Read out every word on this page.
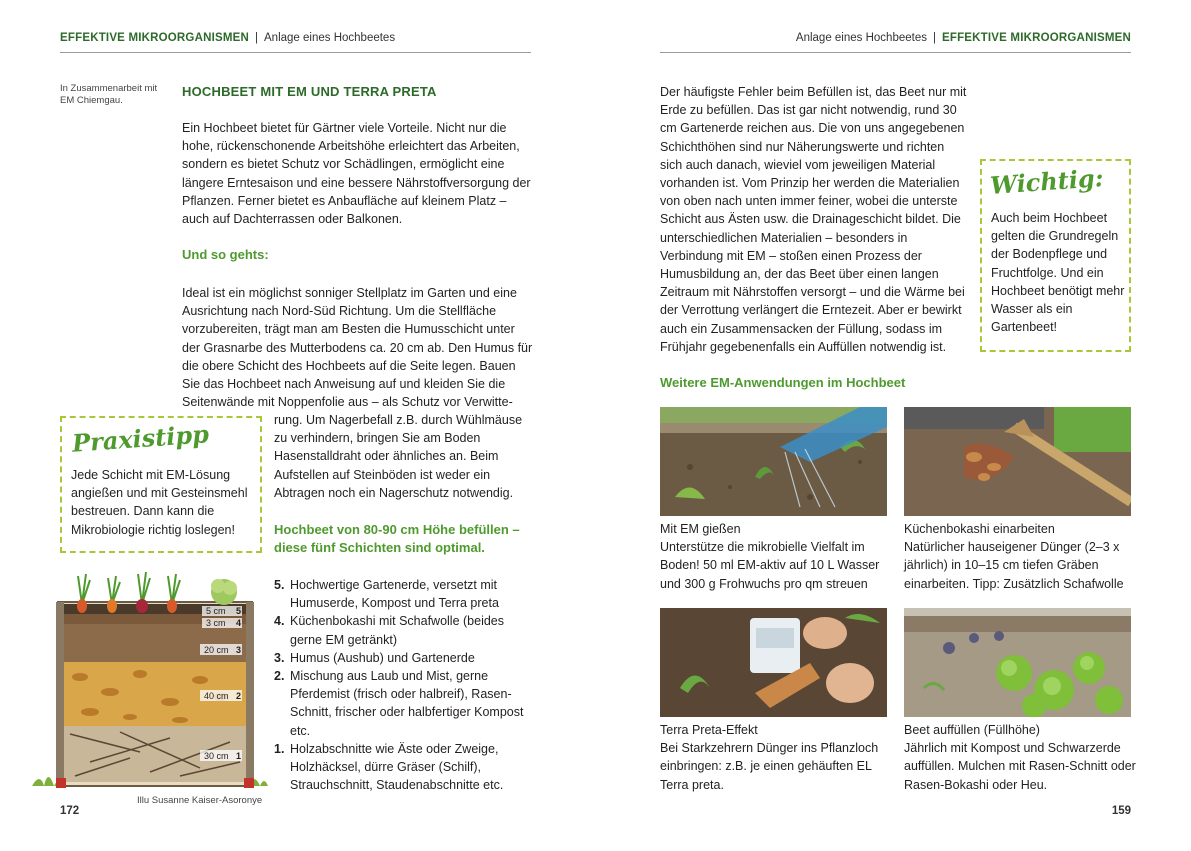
EFFEKTIVE MIKROORGANISMEN | Anlage eines Hochbeetes
In Zusammenarbeit mit EM Chiemgau.
HOCHBEET MIT EM UND TERRA PRETA
Ein Hochbeet bietet für Gärtner viele Vorteile. Nicht nur die hohe, rückenschonende Arbeitshöhe erleichtert das Arbeiten, sondern es bietet Schutz vor Schädlingen, ermöglicht eine längere Erntesaison und eine bessere Nährstoffversorgung der Pflanzen. Ferner bietet es Anbaufläche auf kleinem Platz – auch auf Dachterrassen oder Balkonen.
Und so gehts:
Ideal ist ein möglichst sonniger Stellplatz im Garten und eine Ausrichtung nach Nord-Süd Richtung. Um die Stellfläche vorzubereiten, trägt man am Besten die Humusschicht unter der Grasnarbe des Mutterbodens ca. 20 cm ab. Den Humus für die obere Schicht des Hochbeets auf die Seite legen. Bauen Sie das Hochbeet nach Anweisung auf und kleiden Sie die Seitenwände mit Noppenfolie aus – als Schutz vor Verwitte-
rung. Um Nagerbefall z.B. durch Wühlmäuse zu verhindern, bringen Sie am Boden Hasenstalldraht oder ähnliches an. Beim Aufstellen auf Steinböden ist weder ein Abtragen noch ein Nagerschutz notwendig.
Hochbeet von 80-90 cm Höhe befüllen – diese fünf Schichten sind optimal.
Praxistipp
Jede Schicht mit EM-Lösung angießen und mit Gesteinsmehl bestreuen. Dann kann die Mikrobiologie richtig loslegen!
5. Hochwertige Gartenerde, versetzt mit Humuserde, Kompost und Terra preta
4. Küchenbokashi mit Schafwolle (beides gerne EM getränkt)
3. Humus (Aushub) und Gartenerde
2. Mischung aus Laub und Mist, gerne Pferdemist (frisch oder halbreif), Rasen-Schnitt, frischer oder halbfertiger Kompost etc.
1. Holzabschnitte wie Äste oder Zweige, Holzhäcksel, dürre Gräser (Schilf), Strauchschnitt, Staudenabschnitte etc.
5 cm 5
3 cm 4
20 cm 3
40 cm 2
30 cm 1
Illu Susanne Kaiser-Asoronye
172
Anlage eines Hochbeetes | EFFEKTIVE MIKROORGANISMEN
Der häufigste Fehler beim Befüllen ist, das Beet nur mit Erde zu befüllen. Das ist gar nicht notwendig, rund 30 cm Gartenerde reichen aus. Die von uns angegebenen Schichthöhen sind nur Näherungswerte und richten sich auch danach, wieviel vom jeweiligen Material vorhanden ist. Vom Prinzip her werden die Materialien von oben nach unten immer feiner, wobei die unterste Schicht aus Ästen usw. die Drainageschicht bildet. Die unterschiedlichen Materialien – besonders in Verbindung mit EM – stoßen einen Prozess der Humusbildung an, der das Beet über einen langen Zeitraum mit Nährstoffen versorgt – und die Wärme bei der Verrottung verlängert die Erntezeit. Aber er bewirkt auch ein Zusammensacken der Füllung, sodass im Frühjahr gegebenenfalls ein Auffüllen notwendig ist.
Wichtig:
Auch beim Hochbeet gelten die Grundregeln der Bodenpflege und Fruchtfolge. Und ein Hochbeet benötigt mehr Wasser als ein Gartenbeet!
Weitere EM-Anwendungen im Hochbeet
Mit EM gießen
Unterstütze die mikrobielle Vielfalt im Boden! 50 ml EM-aktiv auf 10 L Wasser und 300 g Frohwuchs pro qm streuen
Küchenbokashi einarbeiten
Natürlicher hauseigener Dünger (2–3 x jährlich) in 10–15 cm tiefen Gräben einarbeiten. Tipp: Zusätzlich Schafwolle
Terra Preta-Effekt
Bei Starkzehrern Dünger ins Pflanzloch einbringen: z.B. je einen gehäuften EL Terra preta.
Beet auffüllen (Füllhöhe)
Jährlich mit Kompost und Schwarzerde auffüllen. Mulchen mit Rasen-Schnitt oder Rasen-Bokashi oder Heu.
159
